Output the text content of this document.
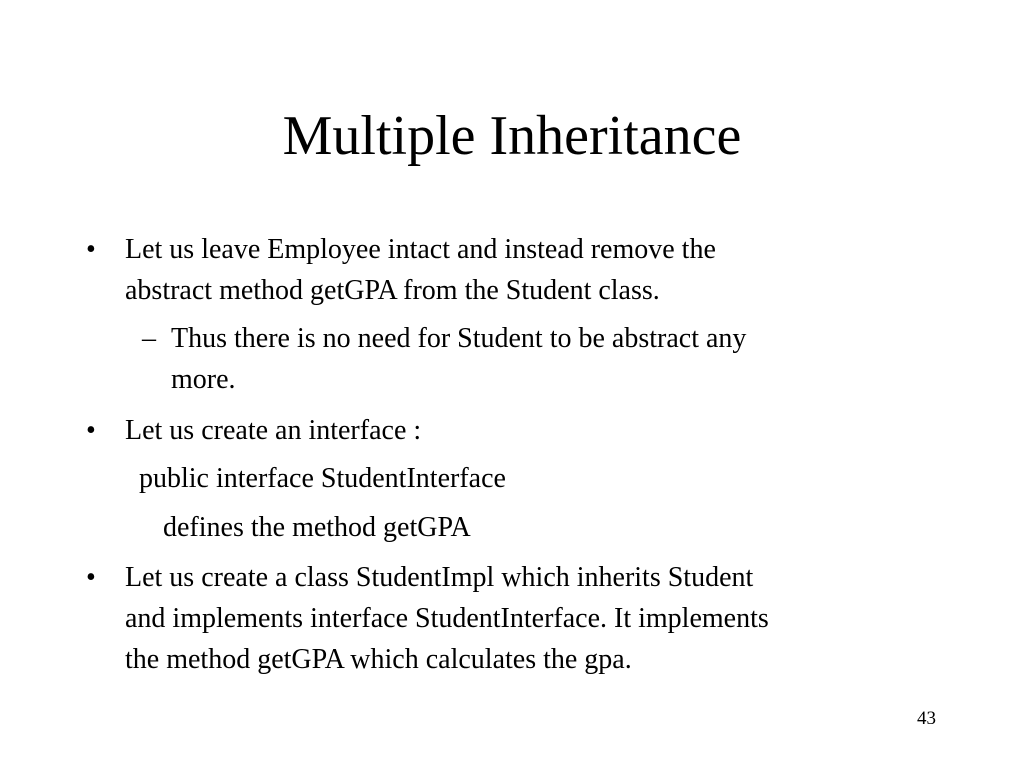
Multiple Inheritance
• Let us leave Employee intact and instead remove the
abstract method getGPA from the Student class.
– Thus there is no need for Student to be abstract any
more.
• Let us create an interface :
public interface StudentInterface
defines the method getGPA
• Let us create a class StudentImpl which inherits Student
and implements interface StudentInterface. It implements
the method getGPA which calculates the gpa.
43
